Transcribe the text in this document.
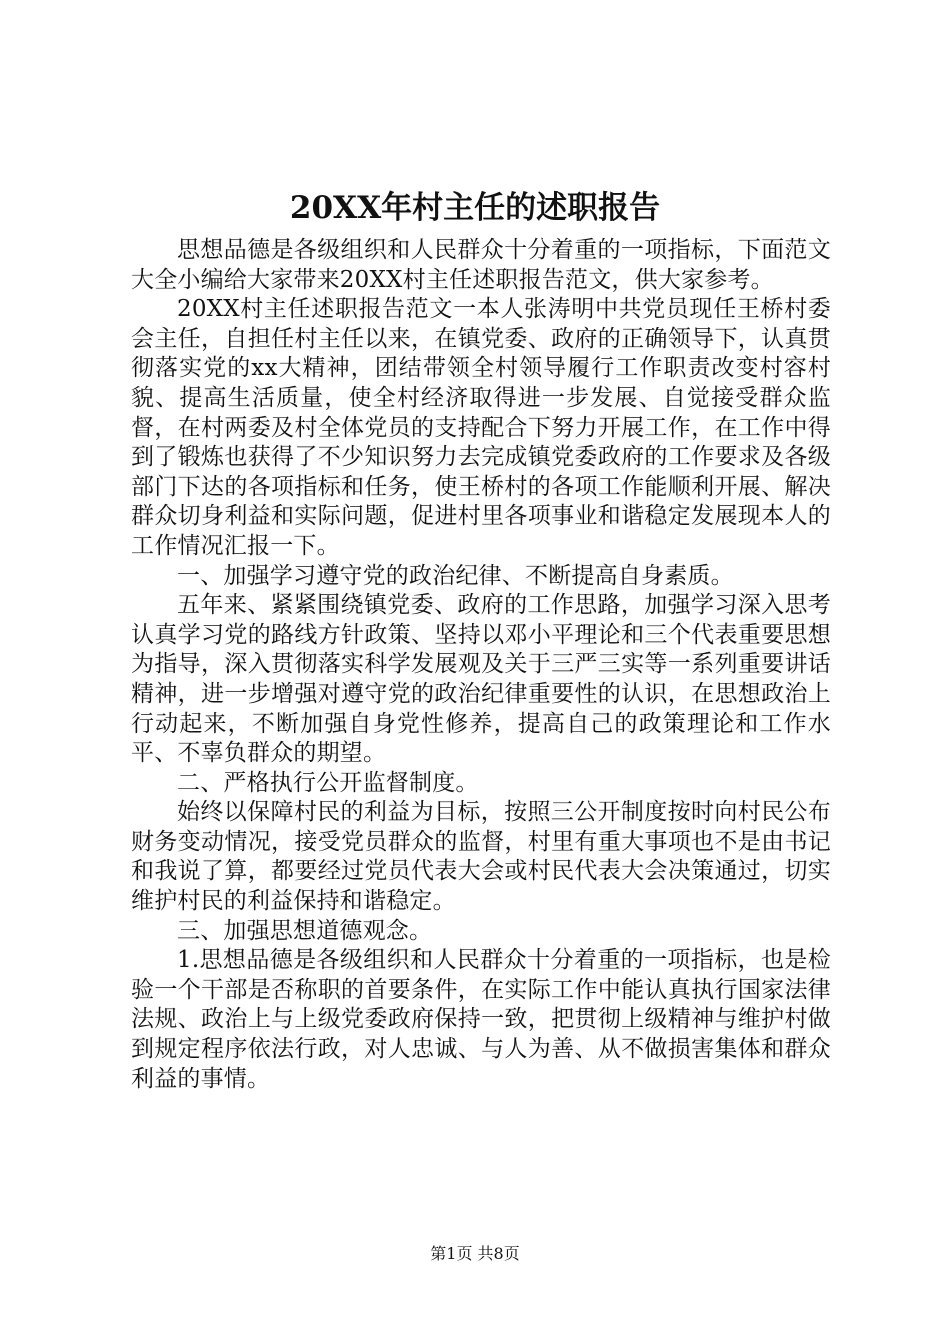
20XX年村主任的述职报告

思想品德是各级组织和人民群众十分着重的一项指标，下面范文大全小编给大家带来20XX村主任述职报告范文，供大家参考。

20XX村主任述职报告范文一本人张涛明中共党员现任王桥村委会主任，自担任村主任以来，在镇党委、政府的正确领导下，认真贯彻落实党的xx大精神，团结带领全村领导履行工作职责改变村容村貌、提高生活质量，使全村经济取得进一步发展、自觉接受群众监督，在村两委及村全体党员的支持配合下努力开展工作，在工作中得到了锻炼也获得了不少知识努力去完成镇党委政府的工作要求及各级部门下达的各项指标和任务，使王桥村的各项工作能顺利开展、解决群众切身利益和实际问题，促进村里各项事业和谐稳定发展现本人的工作情况汇报一下。

一、加强学习遵守党的政治纪律、不断提高自身素质。

五年来、紧紧围绕镇党委、政府的工作思路，加强学习深入思考认真学习党的路线方针政策、坚持以邓小平理论和三个代表重要思想为指导，深入贯彻落实科学发展观及关于三严三实等一系列重要讲话精神，进一步增强对遵守党的政治纪律重要性的认识，在思想政治上行动起来，不断加强自身党性修养，提高自己的政策理论和工作水平、不辜负群众的期望。

二、严格执行公开监督制度。

始终以保障村民的利益为目标，按照三公开制度按时向村民公布财务变动情况，接受党员群众的监督，村里有重大事项也不是由书记和我说了算，都要经过党员代表大会或村民代表大会决策通过，切实维护村民的利益保持和谐稳定。

三、加强思想道德观念。

1.思想品德是各级组织和人民群众十分着重的一项指标，也是检验一个干部是否称职的首要条件，在实际工作中能认真执行国家法律法规、政治上与上级党委政府保持一致，把贯彻上级精神与维护村做到规定程序依法行政，对人忠诚、与人为善、从不做损害集体和群众利益的事情。

第1页 共8页
